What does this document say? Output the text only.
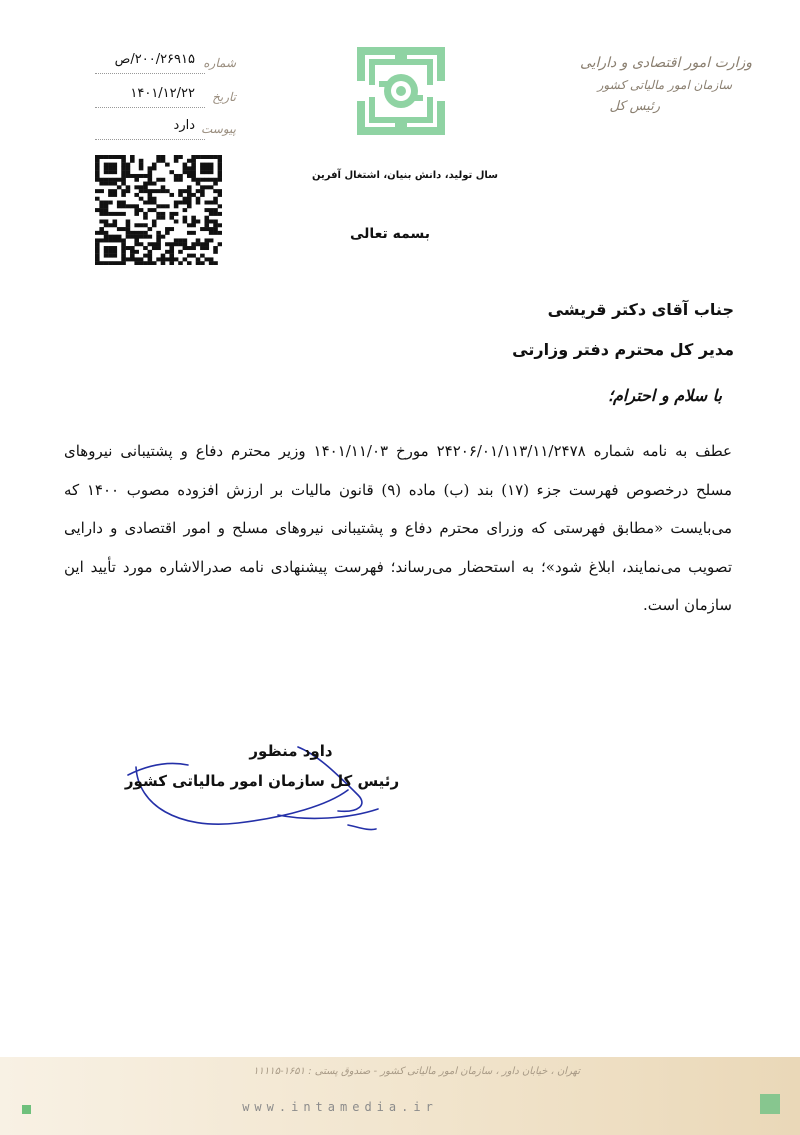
وزارت امور اقتصادی و دارایی
سازمان امور مالیاتی کشور
رئیس کل
سال تولید، دانش بنیان، اشتغال آفرین
بسمه تعالی
۲۰۰/۲۶۹۱۵/ص شماره
۱۴۰۱/۱۲/۲۲ تاریخ
دارد پیوست
جناب آقای دکتر قریشی
مدیر کل محترم دفتر وزارتی
با سلام و احترام؛
عطف به نامه شماره ۲۴۲۰۶/۰۱/۱۱۳/۱۱/۲۴۷۸ مورخ ۱۴۰۱/۱۱/۰۳ وزیر محترم دفاع و پشتیبانی نیروهای مسلح درخصوص فهرست جزء (۱۷) بند (ب) ماده (۹) قانون مالیات بر ارزش افزوده مصوب ۱۴۰۰ که می‌بایست «مطابق فهرستی که وزرای محترم دفاع و پشتیبانی نیروهای مسلح و امور اقتصادی و دارایی تصویب می‌نمایند، ابلاغ شود»؛ به استحضار می‌رساند؛ فهرست پیشنهادی نامه صدرالاشاره مورد تأیید این سازمان است.
داود منظور
رئیس کل سازمان امور مالیاتی کشور
تهران ، خیابان داور ، سازمان امور مالیاتی کشور - صندوق پستی : ۱۶۵۱-۱۱۱۱۵
www.intamedia.ir
